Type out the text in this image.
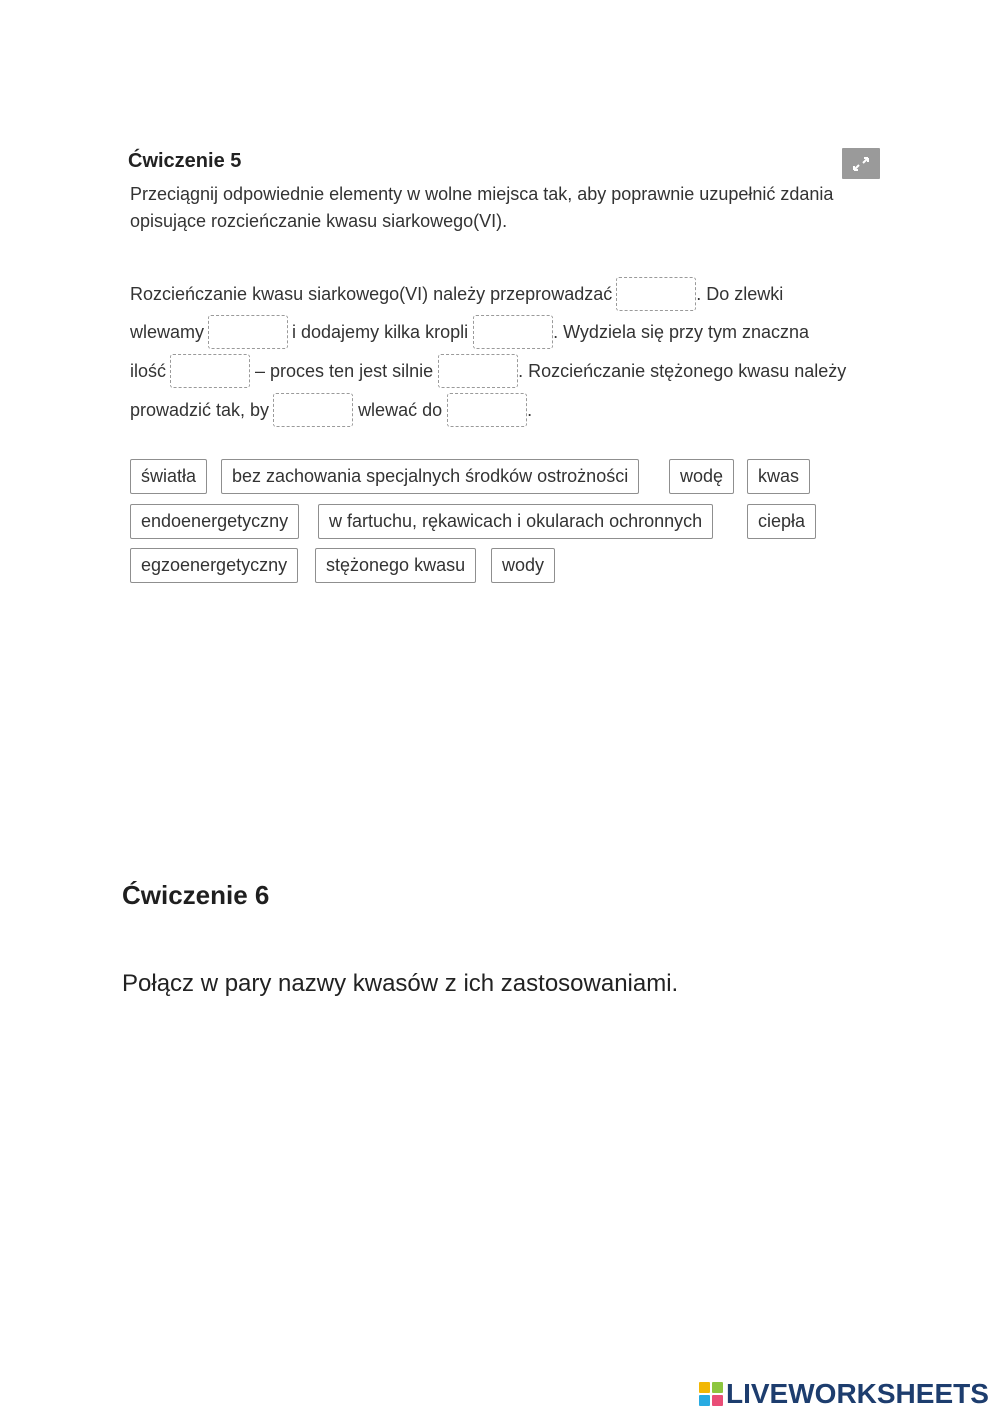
Ćwiczenie 5
Przeciągnij odpowiednie elementy w wolne miejsca tak, aby poprawnie uzupełnić zdania opisujące rozcieńczanie kwasu siarkowego(VI).
Rozcieńczanie kwasu siarkowego(VI) należy przeprowadzać	. Do zlewki
wlewamy	i dodajemy kilka kropli	. Wydziela się przy tym znaczna
ilość	– proces ten jest silnie	. Rozcieńczanie stężonego kwasu należy
prowadzić tak, by	wlewać do	.
światła	bez zachowania specjalnych środków ostrożności	wodę	kwas
endoenergetyczny	w fartuchu, rękawicach i okularach ochronnych	ciepła
egzoenergetyczny	stężonego kwasu	wody
Ćwiczenie 6
Połącz w pary nazwy kwasów z ich zastosowaniami.
LIVEWORKSHEETS
